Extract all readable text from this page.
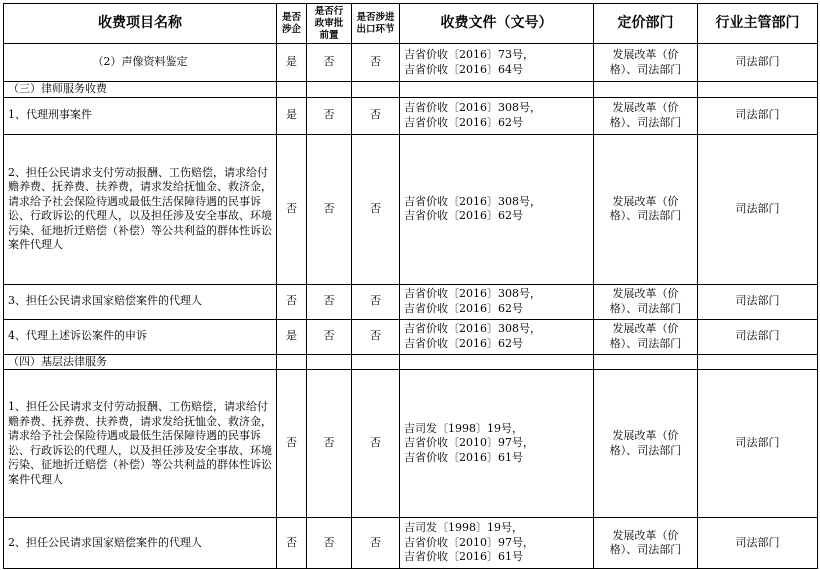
收费项目名称	是否涉企	是否行政审批前置	是否涉进出口环节	收费文件（文号）	定价部门	行业主管部门
（2）声像资料鉴定	是	否	否	吉省价收〔2016〕73号，
吉省价收〔2016〕64号	发展改革（价
格）、司法部门	司法部门
（三）律师服务收费						
1、代理刑事案件	是	否	否	吉省价收〔2016〕308号，
吉省价收〔2016〕62号	发展改革（价
格）、司法部门	司法部门
2、担任公民请求支付劳动报酬、工伤赔偿，请求给付赡养费、抚养费、扶养费，请求发给抚恤金、救济金，请求给予社会保险待遇或最低生活保障待遇的民事诉讼、行政诉讼的代理人，以及担任涉及安全事故、环境污染、征地折迁赔偿（补偿）等公共利益的群体性诉讼案件代理人	否	否	否	吉省价收〔2016〕308号，
吉省价收〔2016〕62号	发展改革（价
格）、司法部门	司法部门
3、担任公民请求国家赔偿案件的代理人	否	否	否	吉省价收〔2016〕308号，
吉省价收〔2016〕62号	发展改革（价
格）、司法部门	司法部门
4、代理上述诉讼案件的申诉	是	否	否	吉省价收〔2016〕308号，
吉省价收〔2016〕62号	发展改革（价
格）、司法部门	司法部门
（四）基层法律服务						
1、担任公民请求支付劳动报酬、工伤赔偿，请求给付赡养费、抚养费、扶养费，请求发给抚恤金、救济金，请求给予社会保险待遇或最低生活保障待遇的民事诉讼、行政诉讼的代理人，以及担任涉及安全事故、环境污染、征地折迁赔偿（补偿）等公共利益的群体性诉讼案件代理人	否	否	否	吉司发〔1998〕19号，
吉省价收〔2010〕97号，
吉省价收〔2016〕61号	发展改革（价
格）、司法部门	司法部门
2、担任公民请求国家赔偿案件的代理人	否	否	否	吉司发〔1998〕19号，
吉省价收〔2010〕97号，
吉省价收〔2016〕61号	发展改革（价
格）、司法部门	司法部门
